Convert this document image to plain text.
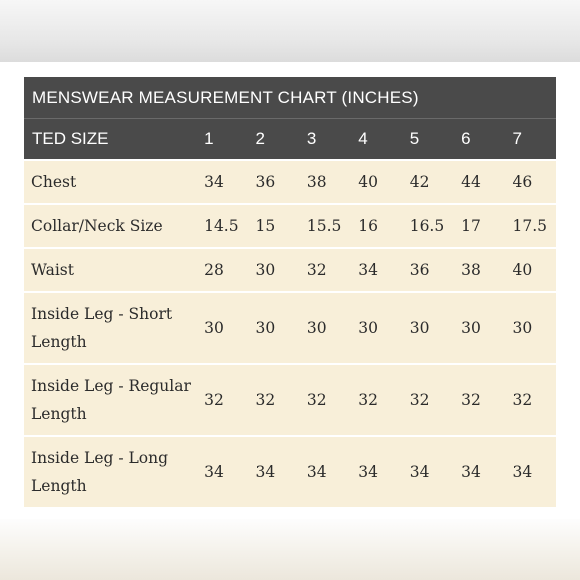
MENSWEAR MEASUREMENT CHART (INCHES)
TED SIZE	1	2	3	4	5	6	7
Chest	34	36	38	40	42	44	46
Collar/Neck Size	14.5	15	15.5	16	16.5	17	17.5
Waist	28	30	32	34	36	38	40
Inside Leg - Short Length	30	30	30	30	30	30	30
Inside Leg - Regular Length	32	32	32	32	32	32	32
Inside Leg - Long Length	34	34	34	34	34	34	34
